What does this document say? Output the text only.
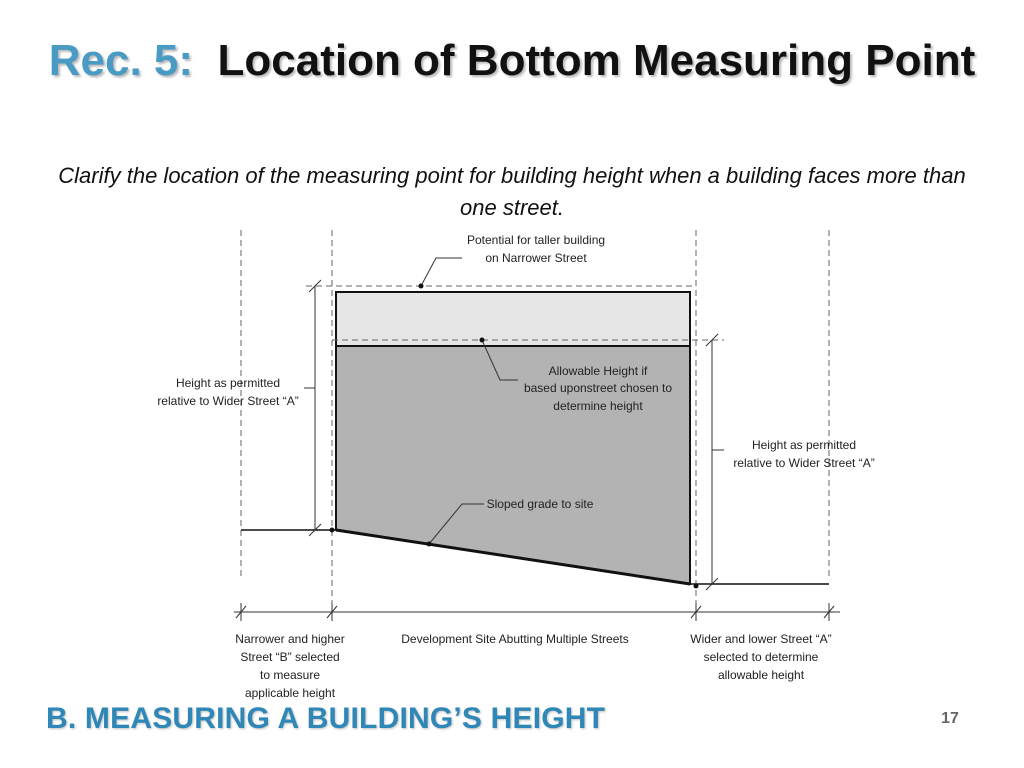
Rec. 5: Location of Bottom Measuring Point
Clarify the location of the measuring point for building height when a building faces more than one street.
Potential for taller building
on Narrower Street
Allowable Height if
based uponstreet chosen to
determine height
Height as permitted
relative to Wider Street “A”
Height as permitted
relative to Wider Street “A”
Sloped grade to site
Narrower and higher
Street “B” selected
to measure
applicable height
Development Site Abutting Multiple Streets	Wider and lower Street “A”
selected to determine
allowable height
B. MEASURING A BUILDING’S HEIGHT	17
